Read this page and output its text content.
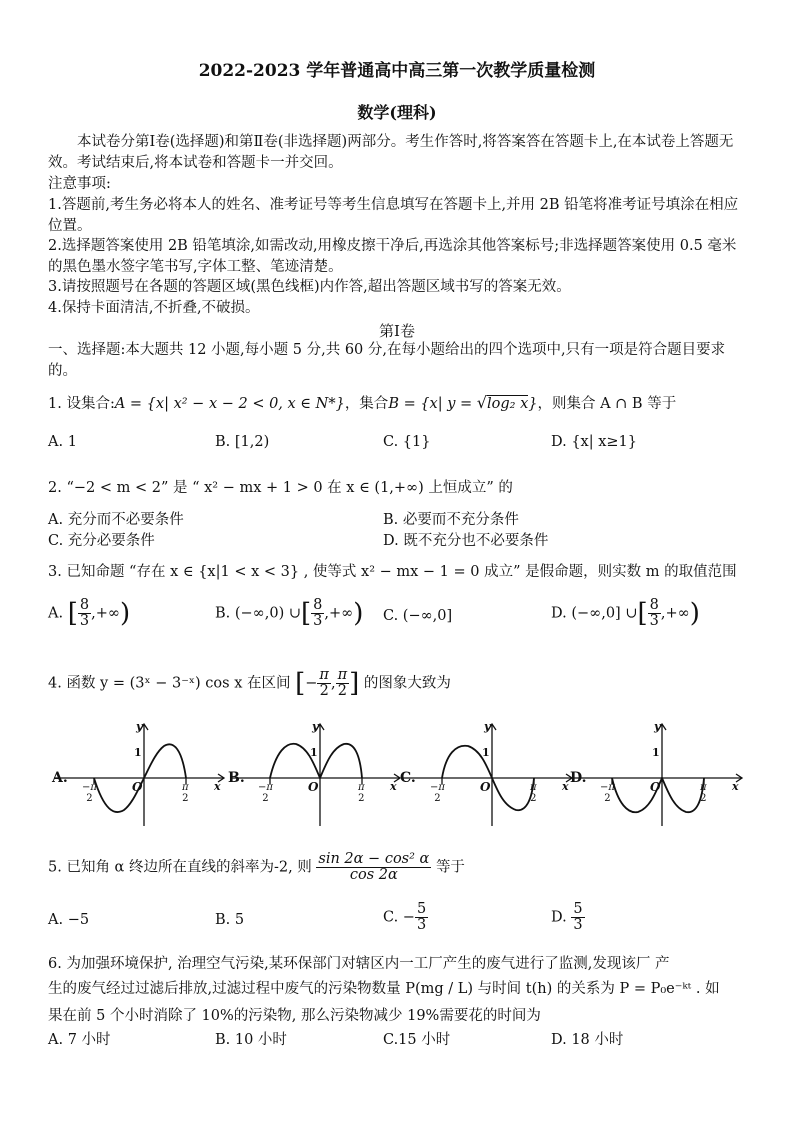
2022-2023 学年普通高中高三第一次教学质量检测
数学(理科)
本试卷分第Ⅰ卷(选择题)和第Ⅱ卷(非选择题)两部分。考生作答时,将答案答在答题卡上,在本试卷上答题无效。考试结束后,将本试卷和答题卡一并交回。
注意事项:
1.答题前,考生务必将本人的姓名、准考证号等考生信息填写在答题卡上,并用 2B 铅笔将准考证号填涂在相应位置。
2.选择题答案使用 2B 铅笔填涂,如需改动,用橡皮擦干净后,再选涂其他答案标号;非选择题答案使用 0.5 毫米的黑色墨水签字笔书写,字体工整、笔迹清楚。
3.请按照题号在各题的答题区域(黑色线框)内作答,超出答题区域书写的答案无效。
4.保持卡面清洁,不折叠,不破损。
第Ⅰ卷
一、选择题:本大题共 12 小题,每小题 5 分,共 60 分,在每小题给出的四个选项中,只有一项是符合题目要求的。
1. 设集合:A = {x| x² − x − 2 < 0, x ∈ N*}，集合B = {x| y = √log₂ x}，则集合 A ∩ B 等于
A. 1	B. [1,2)	C. {1}	D. {x| x≥1}
2. “−2 < m < 2” 是 “ x² − mx + 1 > 0 在 x ∈ (1,+∞) 上恒成立” 的
A. 充分而不必要条件	B. 必要而不充分条件
C. 充分必要条件	D. 既不充分也不必要条件
3. 已知命题 “存在 x ∈ {x|1 < x < 3} , 使等式 x² − mx − 1 = 0 成立” 是假命题，则实数 m 的取值范围
A. [ $\frac{8}{3}$ ,+∞)	B. (−∞,0) ∪[ $\frac{8}{3}$ ,+∞) C. (−∞,0]	D. (−∞,0] ∪[ $\frac{8}{3}$ ,+∞)
4. 函数 y = (3ˣ − 3⁻ˣ) cos x 在区间 [− $\frac{\pi}{2}$ , $\frac{\pi}{2}$ ] 的图象大致为
A.
y
x
O
1
−π
2
π
2
B.
y
x
O
1
−π
2
π
2
C.
y
x
O
1
−π
2
π
2
D.
y
x
O
1
−π
2
π
2
5. 已知角 α 终边所在直线的斜率为-2, 则 $\frac{\text{sin 2α − cos² α}}{\cos 2\alpha}$ 等于
A. −5	B. 5	C. − $\frac{5}{3}$	D. $\frac{5}{3}$
6. 为加强环境保护, 治理空气污染,某环保部门对辖区内一工厂产生的废气进行了监测,发现该厂 产
生的废气经过过滤后排放,过滤过程中废气的污染物数量 P(mg / L) 与时间 t(h) 的关系为 P = P₀e⁻ᵏᵗ . 如
果在前 5 个小时消除了 10%的污染物, 那么污染物减少 19%需要花的时间为
A. 7 小时	B. 10 小时	C.15 小时	D. 18 小时
